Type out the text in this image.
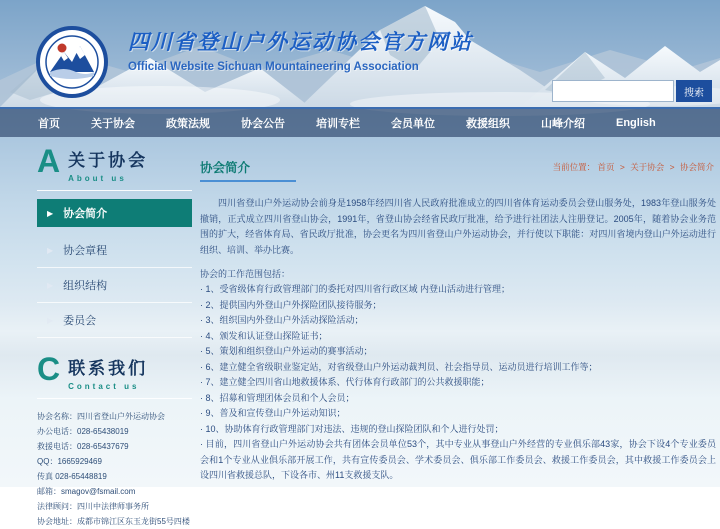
四川省登山户外运动协会官方网站
Official Website Sichuan Mountaineering Association
搜索
首页	关于协会	政策法规	协会公告	培训专栏	会员单位	救援组织	山峰介绍	English
A 关于协会
About us
▶ 协会简介
▶ 协会章程
▶ 组织结构
▶ 委员会
C 联系我们
Contact us
协会名称：四川省登山户外运动协会
办公电话：028-65438019
救援电话：028-65437679
QQ：1665929469
传真 028-65448819
邮箱：smagov@fsmail.com
法律顾问：四川中法律师事务所
协会地址：成都市锦江区东玉龙街55号四楼
协会简介	当前位置： 首页 > 关于协会 > 协会简介
四川省登山户外运动协会前身是1958年经四川省人民政府批准成立的四川省体育运动委员会登山服务处，1983年登山服务处撤销，正式成立四川省登山协会，1991年，省登山协会经省民政厅批准，给予进行社团法人注册登记。2005年，随着协会业务范围的扩大，经省体育局、省民政厅批准，协会更名为四川省登山户外运动协会，并行使以下职能：对四川省境内登山户外运动进行组织、培训、举办比赛。
协会的工作范围包括：
· 1、受省级体育行政管理部门的委托对四川省行政区域 内登山活动进行管理；
· 2、提供国内外登山户外探险团队接待服务；
· 3、组织国内外登山户外活动探险活动；
· 4、颁发和认证登山探险证书；
· 5、策划和组织登山户外运动的赛事活动；
· 6、建立健全省级职业鉴定站，对省级登山户外运动裁判员、社会指导员、运动员进行培训工作等；
· 7、建立健全四川省山地救援体系、代行体育行政部门的公共救援职能；
· 8、招募和管理团体会员和个人会员；
· 9、普及和宣传登山户外运动知识；
· 10、协助体育行政管理部门对违法、违规的登山探险团队和个人进行处罚；
· 目前，四川省登山户外运动协会共有团体会员单位53个，其中专业从事登山户外经营的专业俱乐部43家，协会下设4个专业委员会和1个专业从业俱乐部开展工作，共有宣传委员会、学术委员会、俱乐部工作委员会、救援工作委员会，其中救援工作委员会上设四川省救援总队，下设各市、州11支救援支队。
